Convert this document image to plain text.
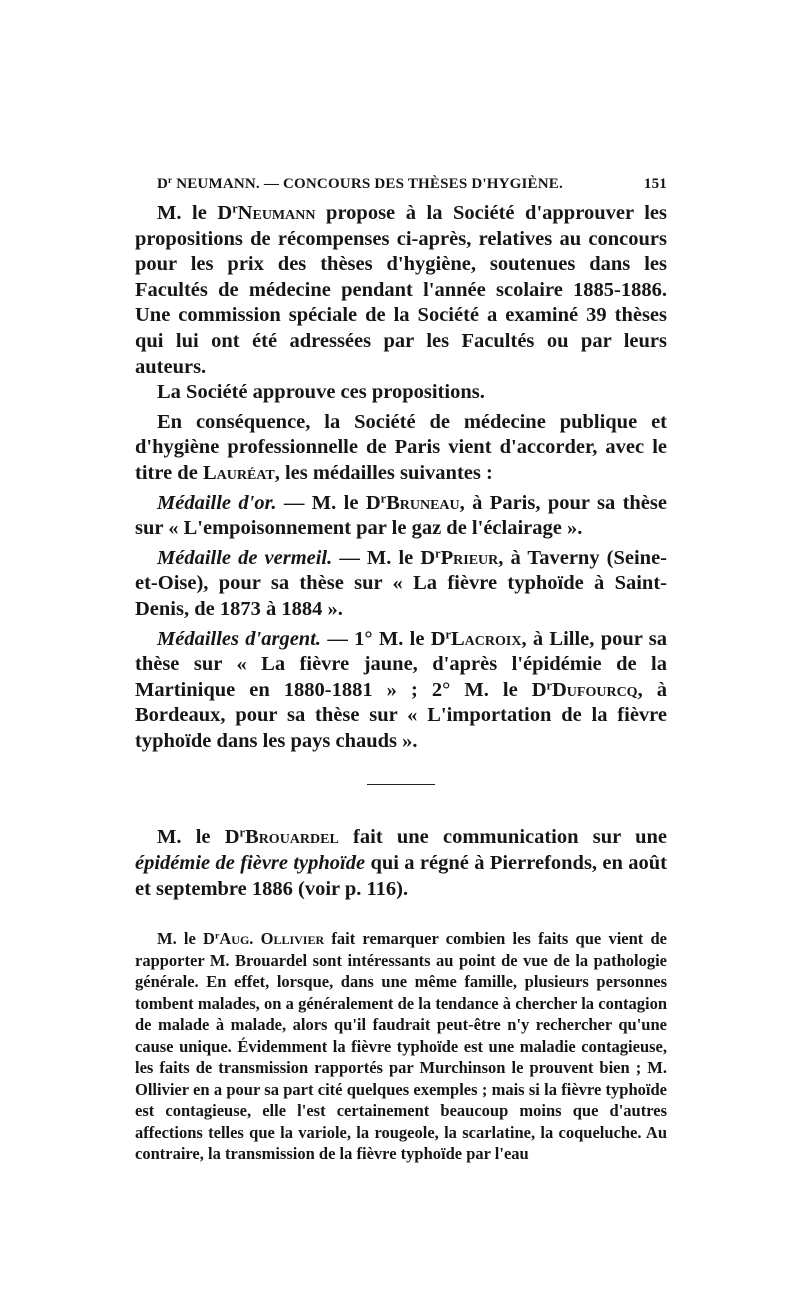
$D^r$ NEUMANN. — CONCOURS DES THÈSES D'HYGIÈNE.	151

M. le $D^rNeumann$ propose à la Société d'approuver les propositions de récompenses ci-après, relatives au concours pour les prix des thèses d'hygiène, soutenues dans les Facultés de médecine pendant l'année scolaire 1885-1886. Une commission spéciale de la Société a examiné 39 thèses qui lui ont été adressées par les Facultés ou par leurs auteurs.

La Société approuve ces propositions.

En conséquence, la Société de médecine publique et d'hygiène professionnelle de Paris vient d'accorder, avec le titre de Lauréat, les médailles suivantes :

Médaille d'or. — M. le $D^rBruneau$, à Paris, pour sa thèse sur « L'empoisonnement par le gaz de l'éclairage ».

Médaille de vermeil. — M. le $D^rPrieur$, à Taverny (Seine-et-Oise), pour sa thèse sur « La fièvre typhoïde à Saint-Denis, de 1873 à 1884 ».

Médailles d'argent. — 1° M. le $D^rLacroix$, à Lille, pour sa thèse sur « La fièvre jaune, d'après l'épidémie de la Martinique en 1880-1881 » ; 2° M. le $D^rDufourcq$, à Bordeaux, pour sa thèse sur « L'importation de la fièvre typhoïde dans les pays chauds ».

M. le $D^rBrouardel$ fait une communication sur une épidémie de fièvre typhoïde qui a régné à Pierrefonds, en août et septembre 1886 (voir p. 116).

M. le $D^rAug$. Ollivier fait remarquer combien les faits que vient de rapporter M. Brouardel sont intéressants au point de vue de la pathologie générale. En effet, lorsque, dans une même famille, plusieurs personnes tombent malades, on a généralement de la tendance à chercher la contagion de malade à malade, alors qu'il faudrait peut-être n'y rechercher qu'une cause unique. Évidemment la fièvre typhoïde est une maladie contagieuse, les faits de transmission rapportés par Murchinson le prouvent bien ; M. Ollivier en a pour sa part cité quelques exemples ; mais si la fièvre typhoïde est contagieuse, elle l'est certainement beaucoup moins que d'autres affections telles que la variole, la rougeole, la scarlatine, la coqueluche. Au contraire, la transmission de la fièvre typhoïde par l'eau
